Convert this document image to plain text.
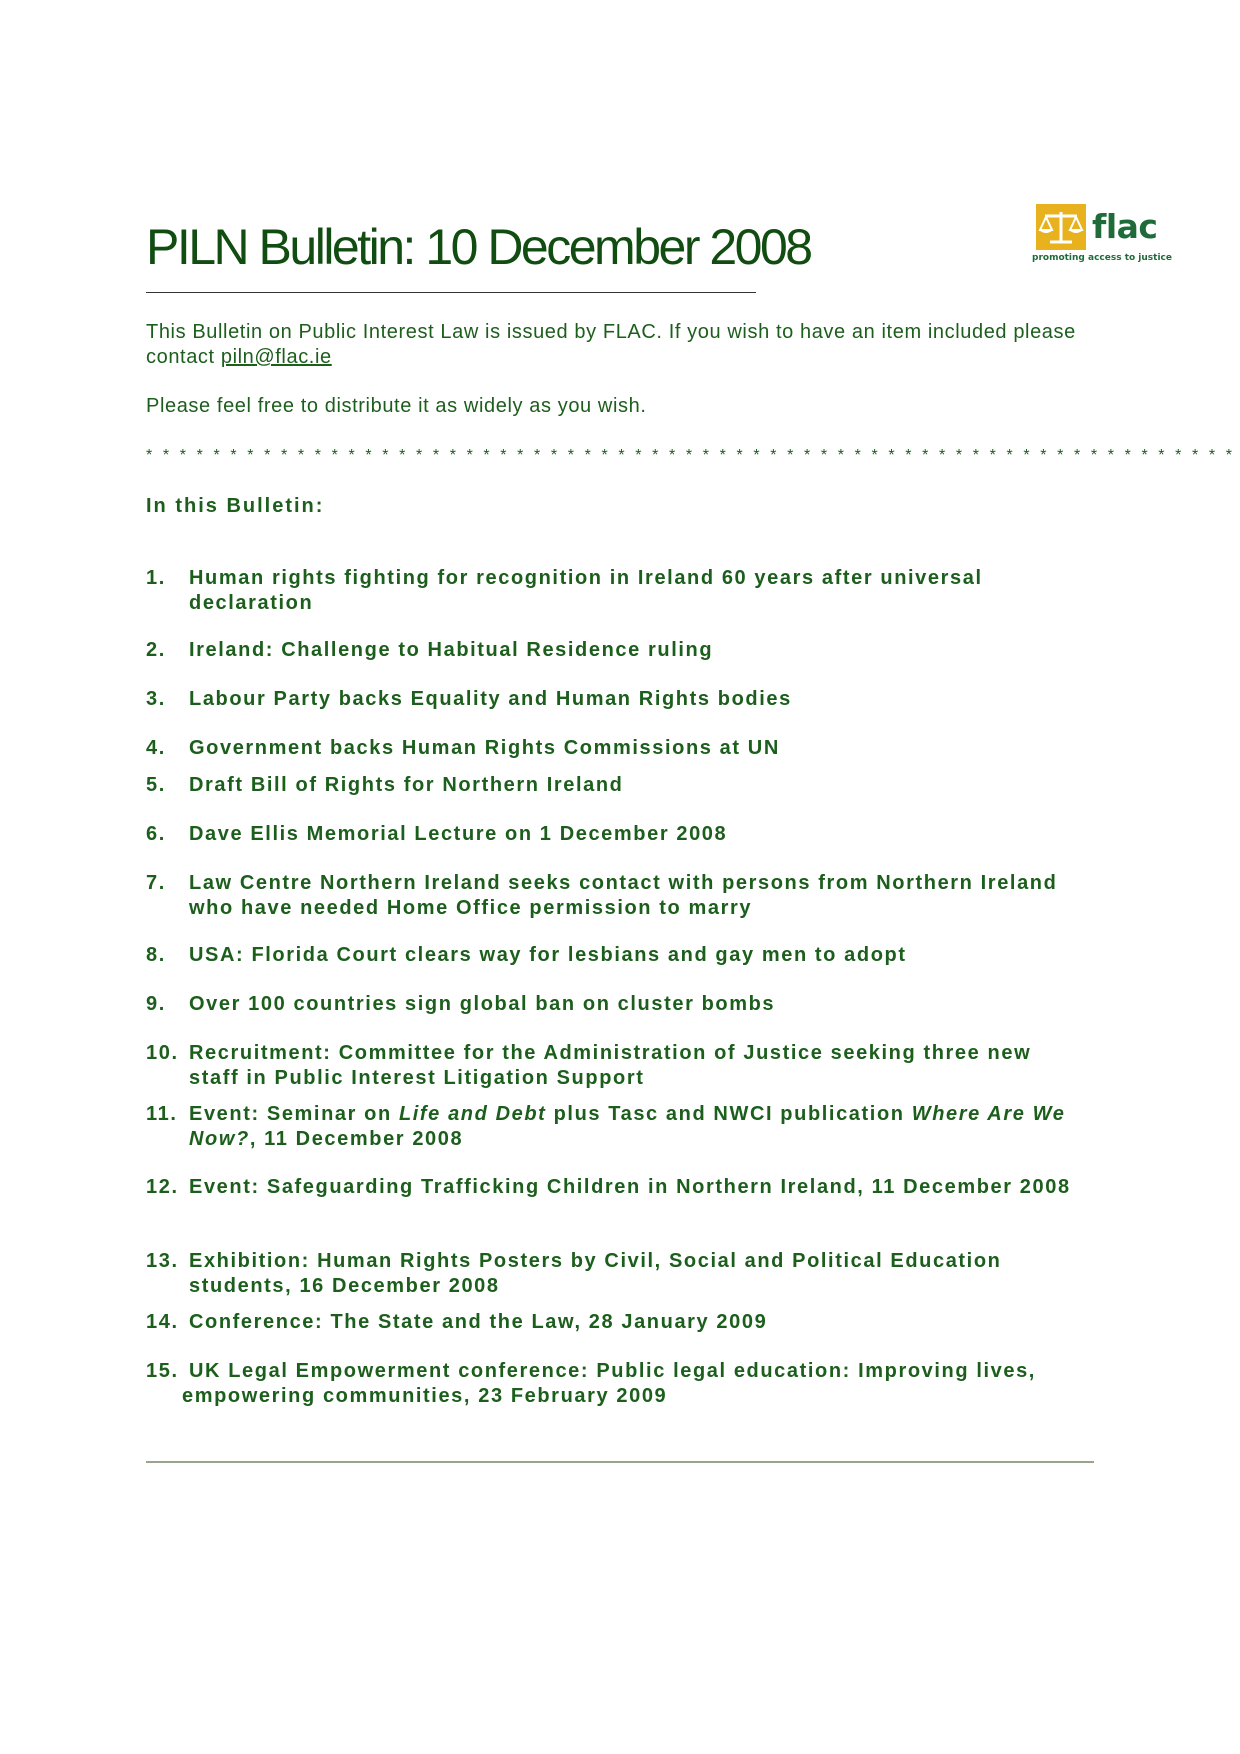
PILN Bulletin: 10 December 2008	flac
promoting access to justice

This Bulletin on Public Interest Law is issued by FLAC. If you wish to have an item included please contact piln@flac.ie

Please feel free to distribute it as widely as you wish.

* * * * * * * * * * * * * * * * * * * * * * * * * * * * * * * * * * * * * * * * * * * * * * * * * * * * * * * * * * * * * * * * *

In this Bulletin:

1.	Human rights fighting for recognition in Ireland 60 years after universal declaration

2.	Ireland: Challenge to Habitual Residence ruling

3.	Labour Party backs Equality and Human Rights bodies

4.	Government backs Human Rights Commissions at UN

5.	Draft Bill of Rights for Northern Ireland

6.	Dave Ellis Memorial Lecture on 1 December 2008

7.	Law Centre Northern Ireland seeks contact with persons from Northern Ireland who have needed Home Office permission to marry

8.	USA: Florida Court clears way for lesbians and gay men to adopt

9.	Over 100 countries sign global ban on cluster bombs

10. Recruitment: Committee for the Administration of Justice seeking three new staff in Public Interest Litigation Support

11. Event: Seminar on Life and Debt plus Tasc and NWCI publication Where Are We Now?, 11 December 2008

12. Event: Safeguarding Trafficking Children in Northern Ireland, 11 December 2008

13. Exhibition: Human Rights Posters by Civil, Social and Political Education students, 16 December 2008

14. Conference: The State and the Law, 28 January 2009

15. UK Legal Empowerment conference: Public legal education: Improving lives,
empowering communities, 23 February 2009
